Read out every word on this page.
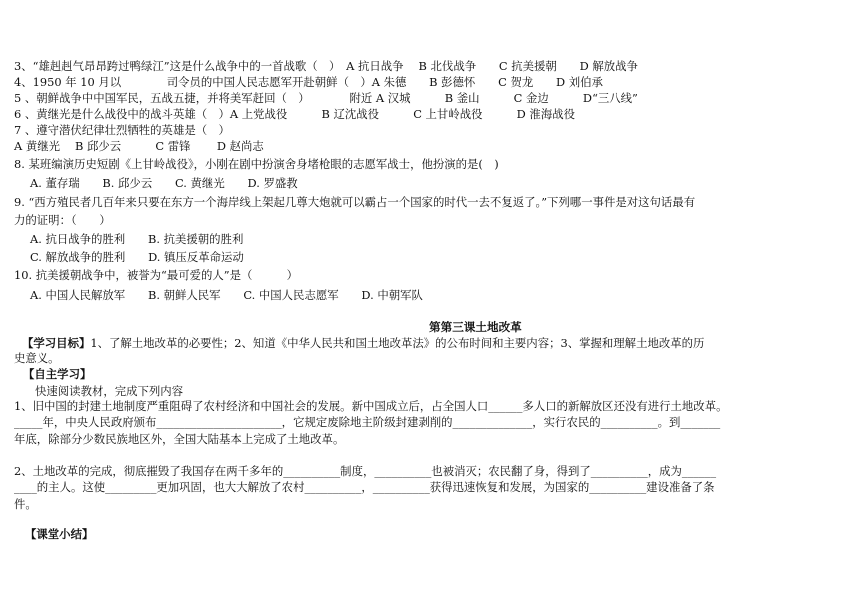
3、“雄赳赳气昂昂跨过鸭绿江”这是什么战争中的一首战歌（　）　A 抗日战争　 B 北伐战争　　C 抗美援朝　　D 解放战争
4、1950 年 10 月以　　　　司令员的中国人民志愿军开赴朝鲜（　）A 朱德　　B 彭德怀　　C 贺龙　　D 刘伯承
5 、朝鲜战争中中国军民，五战五捷，并将美军赶回（　）　　　　附近 A 汉城　　　B 釜山　　　C 金边　　　D“三八线”
6 、黄继光是什么战役中的战斗英雄（　）A 上党战役　　　B 辽沈战役　　　C 上甘岭战役　　　D 淮海战役
7 、遵守潜伏纪律壮烈牺牲的英雄是（　）
A 黄继光　 B 邱少云　　　C 雷锋　　 D 赵尚志
8. 某班编演历史短剧《上甘岭战役》，小刚在剧中扮演舍身堵枪眼的志愿军战士，他扮演的是(　)
A. 董存瑞　　B. 邱少云　　C. 黄继光　　D. 罗盛教
9. “西方殖民者几百年来只要在东方一个海岸线上架起几尊大炮就可以霸占一个国家的时代一去不复返了。”下列哪一事件是对这句话最有
力的证明：（　　）
A. 抗日战争的胜利　　B. 抗美援朝的胜利
C. 解放战争的胜利　　D. 镇压反革命运动
10. 抗美援朝战争中，被誉为“最可爱的人”是（　　　）
A. 中国人民解放军　　B. 朝鲜人民军　　C. 中国人民志愿军　　D. 中朝军队
第第三课土地改革
【学习目标】1、了解土地改革的必要性；2、知道《中华人民共和国土地改革法》的公布时间和主要内容；3、掌握和理解土地改革的历
史意义。
【自主学习】
快速阅读教材，完成下列内容
1、旧中国的封建土地制度严重阻碍了农村经济和中国社会的发展。新中国成立后，占全国人口______多人口的新解放区还没有进行土地改革。
_____年，中央人民政府颁布______________________，它规定废除地主阶级封建剥削的______________，实行农民的__________。到_______
年底，除部分少数民族地区外，全国大陆基本上完成了土地改革。
2、土地改革的完成，彻底摧毁了我国存在两千多年的__________制度，__________也被消灭；农民翻了身，得到了__________，成为______
____的主人。这使_________更加巩固，也大大解放了农村__________，__________获得迅速恢复和发展，为国家的__________建设准备了条
件。
【课堂小结】
